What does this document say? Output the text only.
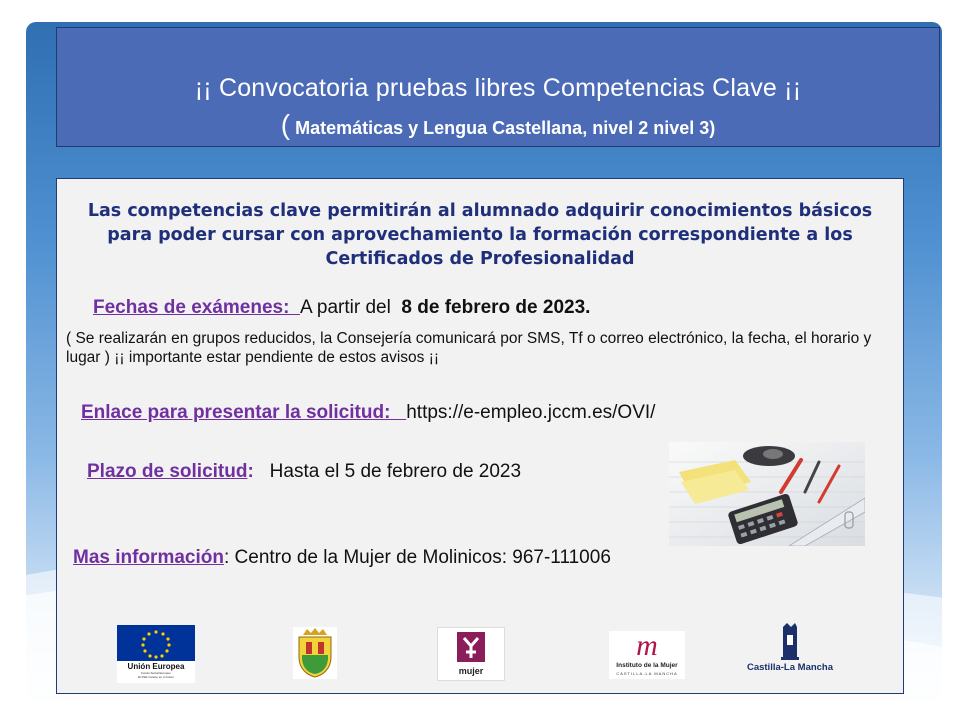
¡¡ Convocatoria pruebas libres Competencias Clave ¡¡
( Matemáticas y Lengua Castellana, nivel 2 nivel 3)
Las competencias clave permitirán al alumnado adquirir conocimientos básicos para poder cursar con aprovechamiento la formación correspondiente a los Certificados de Profesionalidad
Fechas de exámenes:  A partir del  8 de febrero de 2023.
( Se realizarán en grupos reducidos, la Consejería comunicará por SMS, Tf o correo electrónico, la fecha, el horario y lugar ) ¡¡ importante estar pendiente de estos avisos ¡¡
Enlace para presentar la solicitud:   https://e-empleo.jccm.es/OVI/
Plazo de solicitud: Hasta el 5 de febrero de 2023
Mas información: Centro de la Mujer de Molinicos: 967-111006
Unión Europea
Fondo Social Europeo
El FSE invierte en tu futuro
mujer
m
Instituto de la Mujer
CASTILLA-LA MANCHA
Castilla-La Mancha
